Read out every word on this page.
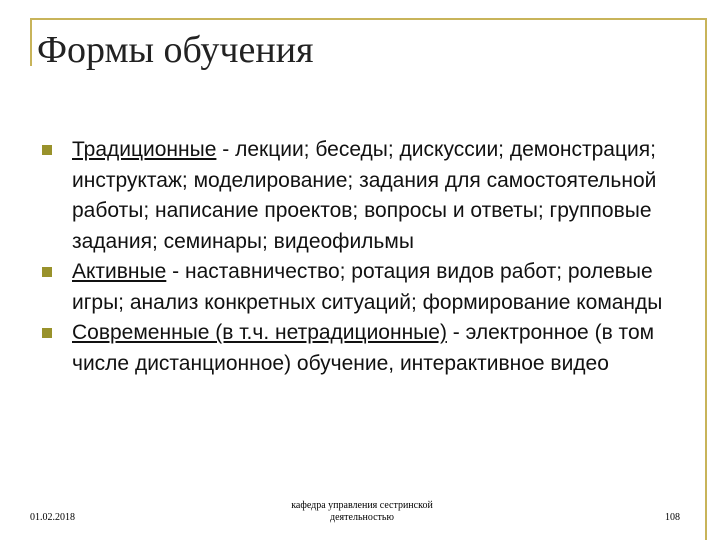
Формы обучения
Традиционные - лекции; беседы; дискуссии; демонстрация; инструктаж; моделирование; задания для самостоятельной работы; написание проектов; вопросы и ответы; групповые задания; семинары; видеофильмы
Активные - наставничество; ротация видов работ; ролевые игры; анализ конкретных ситуаций; формирование команды
Современные (в т.ч. нетрадиционные) - электронное (в том числе дистанционное) обучение, интерактивное видео
01.02.2018
кафедра управления сестринской
деятельностью	108
